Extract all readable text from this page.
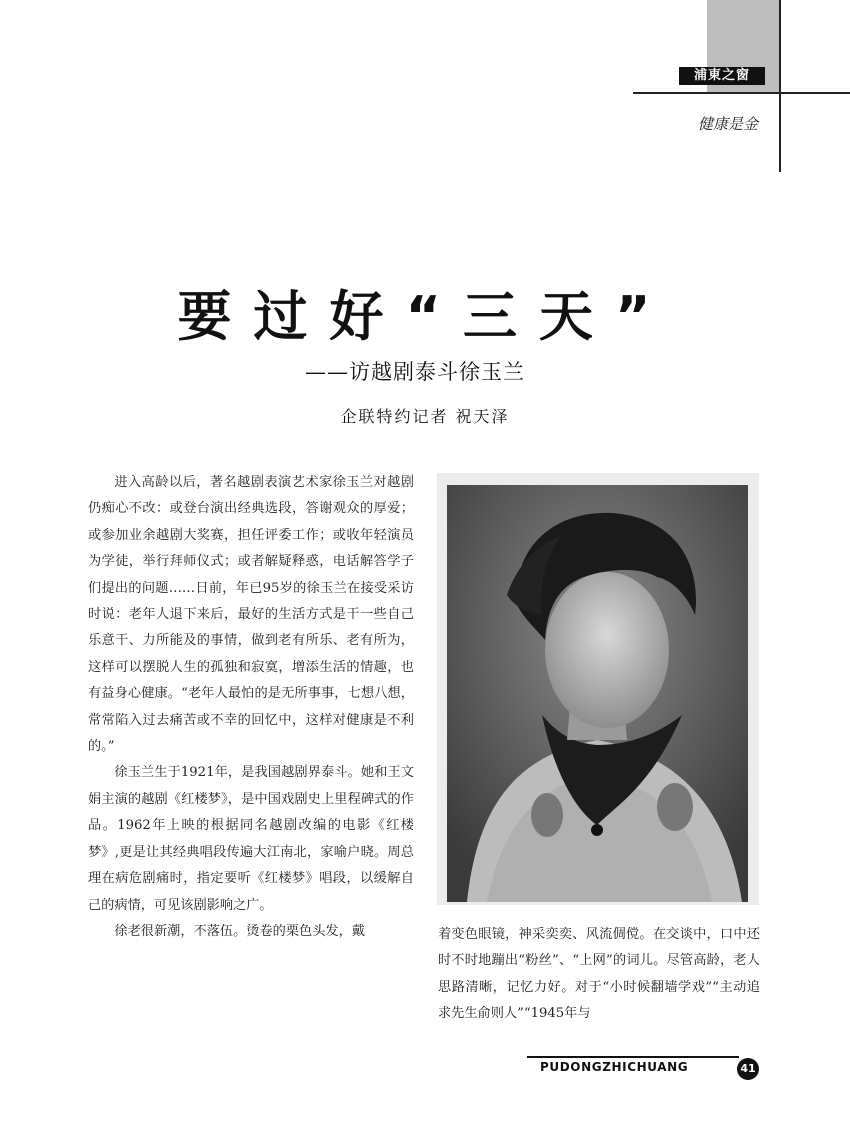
浦東之窗
健康是金
要过好“三天”
——访越剧泰斗徐玉兰
企联特约记者 祝天泽

进入高龄以后，著名越剧表演艺术家徐玉兰对越剧仍痴心不改：或登台演出经典选段，答谢观众的厚爱；或参加业余越剧大奖赛，担任评委工作；或收年轻演员为学徒，举行拜师仪式；或者解疑释惑，电话解答学子们提出的问题……日前，年已95岁的徐玉兰在接受采访时说：老年人退下来后，最好的生活方式是干一些自己乐意干、力所能及的事情，做到老有所乐、老有所为，这样可以摆脱人生的孤独和寂寞，增添生活的情趣，也有益身心健康。“老年人最怕的是无所事事，七想八想，常常陷入过去痛苦或不幸的回忆中，这样对健康是不利的。”

徐玉兰生于1921年，是我国越剧界泰斗。她和王文娟主演的越剧《红楼梦》，是中国戏剧史上里程碑式的作品。1962年上映的根据同名越剧改编的电影《红楼梦》,更是让其经典唱段传遍大江南北，家喻户晓。周总理在病危剧痛时，指定要听《红楼梦》唱段，以缓解自己的病情，可见该剧影响之广。

徐老很新潮，不落伍。烫卷的栗色头发，戴	着变色眼镜，神采奕奕、风流倜傥。在交谈中，口中还时不时地蹦出“粉丝”、“上网”的词儿。尽管高龄，老人思路清晰，记忆力好。对于“小时候翻墙学戏”“主动追求先生俞则人”“1945年与

PUDONGZHICHUANG	41
